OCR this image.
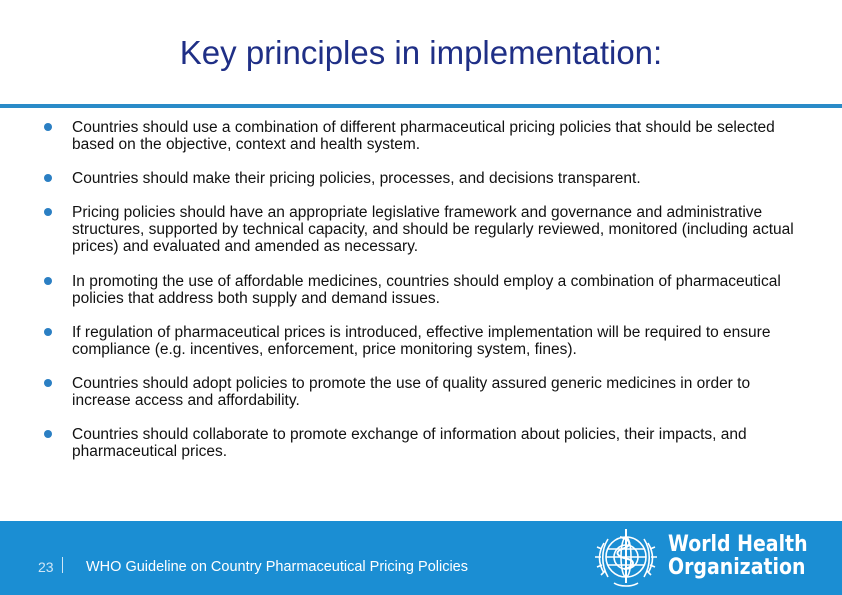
Key principles in implementation:
Countries should use a combination of different pharmaceutical pricing policies that should be selected based on the objective, context and health system.
Countries should make their pricing policies, processes, and decisions transparent.
Pricing policies should have an appropriate legislative framework and governance and administrative structures, supported by technical capacity, and should be regularly reviewed, monitored (including actual prices) and evaluated and amended as necessary.
In promoting the use of affordable medicines, countries should employ a combination of pharmaceutical policies that address both supply and demand issues.
If regulation of pharmaceutical prices is introduced, effective implementation will be required to ensure compliance (e.g. incentives, enforcement, price monitoring system, fines).
Countries should adopt policies to promote the use of quality assured generic medicines in order to increase access and affordability.
Countries should collaborate to promote exchange of information about policies, their impacts, and pharmaceutical prices.
23 WHO Guideline on Country Pharmaceutical Pricing Policies
World Health
Organization
